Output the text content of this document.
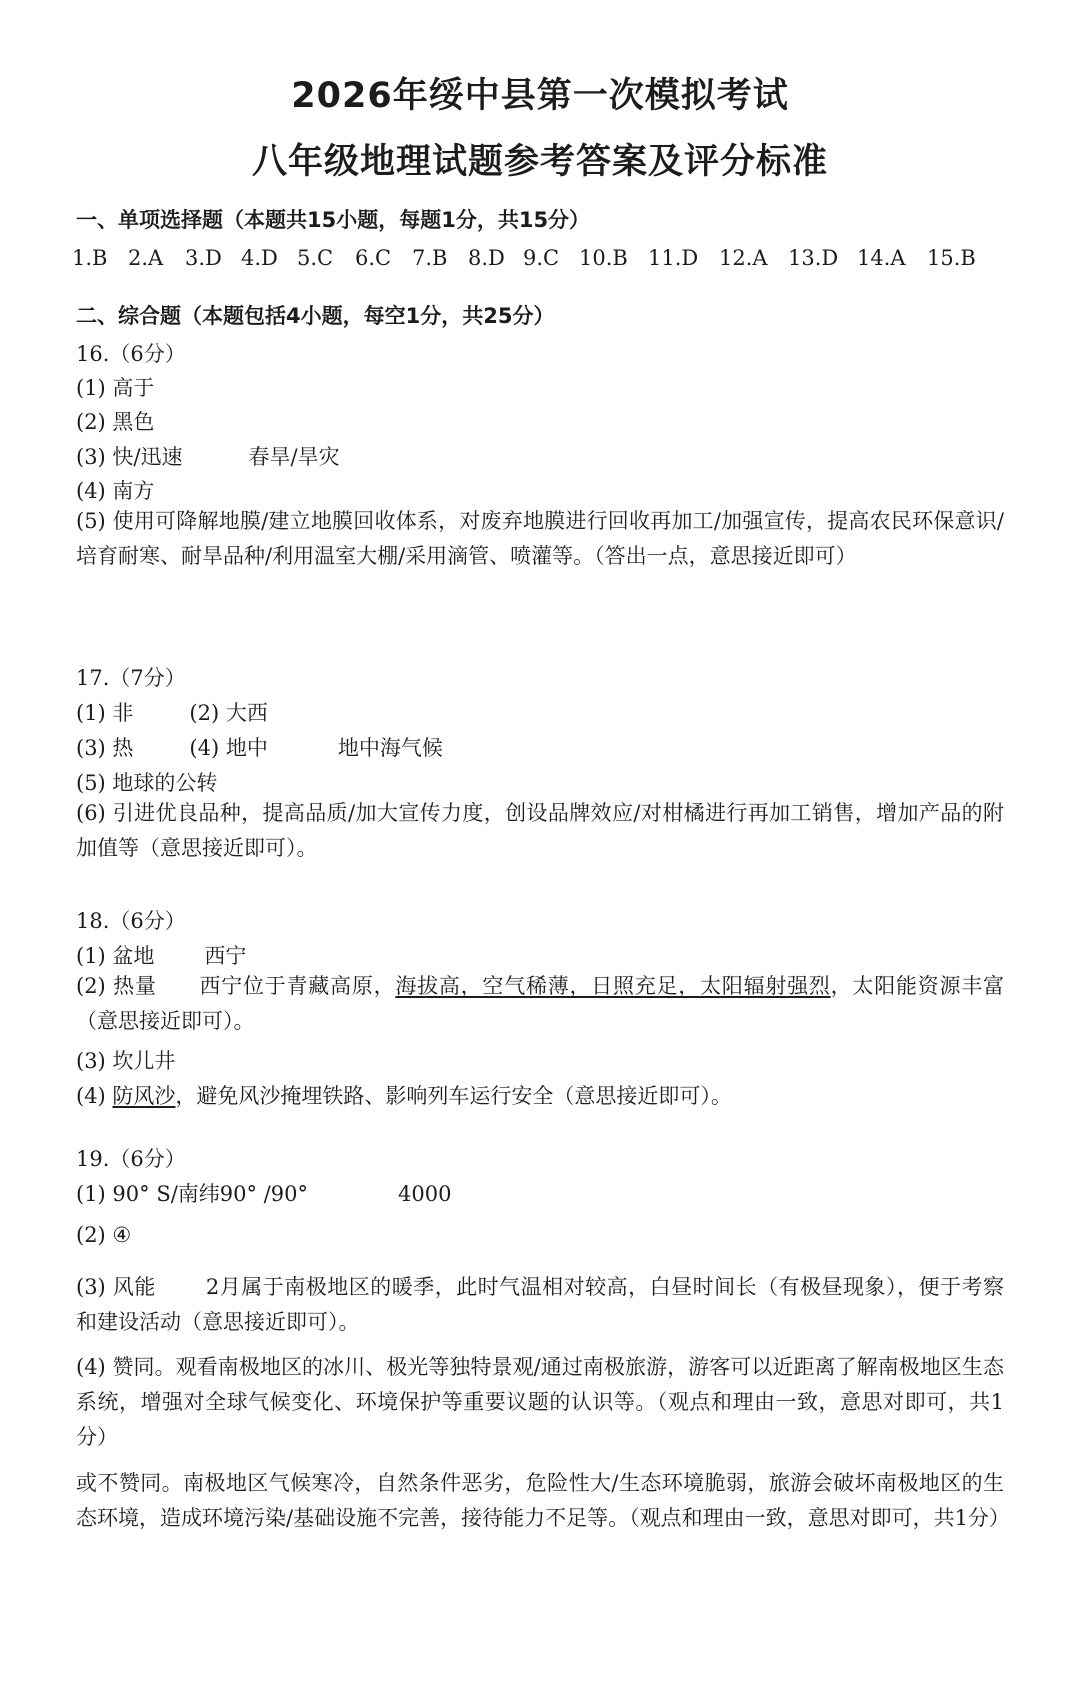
2026年绥中县第一次模拟考试
八年级地理试题参考答案及评分标准
一、单项选择题（本题共15小题，每题1分，共15分）
1.B 2.A 3.D 4.D 5.C 6.C 7.B 8.D 9.C 10.B 11.D 12.A 13.D 14.A 15.B
二、综合题（本题包括4小题，每空1分，共25分）
16.（6分）
(1) 高于
(2) 黑色
(3) 快/迅速	春旱/旱灾
(4) 南方
(5) 使用可降解地膜/建立地膜回收体系，对废弃地膜进行回收再加工/加强宣传，提高农民环保意识/培育耐寒、耐旱品种/利用温室大棚/采用滴管、喷灌等。（答出一点，意思接近即可）
17.（7分）
(1) 非	(2) 大西
(3) 热	(4) 地中	地中海气候
(5) 地球的公转
(6) 引进优良品种，提高品质/加大宣传力度，创设品牌效应/对柑橘进行再加工销售，增加产品的附加值等（意思接近即可）。
18.（6分）
(1) 盆地 西宁
(2) 热量 西宁位于青藏高原，海拔高，空气稀薄，日照充足，太阳辐射强烈，太阳能资源丰富（意思接近即可）。
(3) 坎儿井
(4) 防风沙，避免风沙掩埋铁路、影响列车运行安全（意思接近即可）。
19.（6分）
(1) 90° S/南纬90° /90°	4000
(2) ④
(3) 风能 2月属于南极地区的暖季，此时气温相对较高，白昼时间长（有极昼现象），便于考察和建设活动（意思接近即可）。
(4) 赞同。观看南极地区的冰川、极光等独特景观/通过南极旅游，游客可以近距离了解南极地区生态系统，增强对全球气候变化、环境保护等重要议题的认识等。（观点和理由一致，意思对即可，共1分）
或不赞同。南极地区气候寒冷，自然条件恶劣，危险性大/生态环境脆弱，旅游会破坏南极地区的生态环境，造成环境污染/基础设施不完善，接待能力不足等。（观点和理由一致，意思对即可，共1分）
